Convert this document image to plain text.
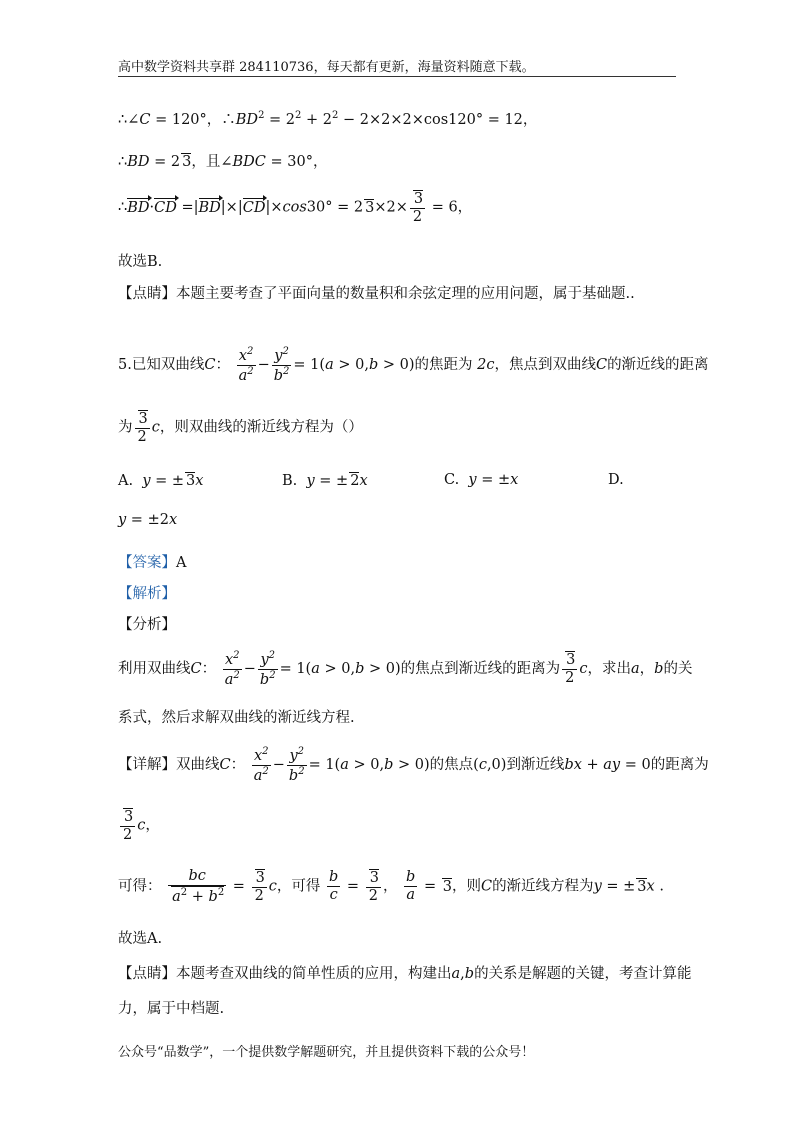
高中数学资料共享群 284110736，每天都有更新，海量资料随意下载。
∴∠C = 120°，$\therefore BD^2 = 2^2 + 2^2 - 2\times 2\times 2\times\cos 120^\circ = 12$，
∴BD = 2 3，且∠BDC = 30°，
∴BD·CD =|BD|×|CD|×cos30° = 2 $3\times 2\times \frac{3}{2} = 6$，
故选B.
【点睛】本题主要考查了平面向量的数量积和余弦定理的应用问题，属于基础题..
5.已知双曲线C： $\frac{x^2}{a^2} - \frac{y^2}{b^2} = 1(a > 0,b > 0)$的焦距为 2c，焦点到双曲线C的渐近线的距离
为 $\frac{3}{2}$ c，则双曲线的渐近线方程为（）
A. y = ± 3x	B. y = ± 2x	C. y = ±x	D.
y = ±2x
【答案】A
【解析】
【分析】
利用双曲线C： $\frac{x^2}{a^2} - \frac{y^2}{b^2} = 1(a > 0,b > 0)$的焦点到渐近线的距离为 $\frac{3}{2}$ c，求出a，b的关
系式，然后求解双曲线的渐近线方程.
【详解】双曲线C： $\frac{x^2}{a^2} - \frac{y^2}{b^2} = 1(a > 0,b > 0)$的焦点(c,0)到渐近线bx + ay = 0的距离为
$\frac{3}{2}$ c，
可得： $\frac{bc}{a^2 + b^2} = \frac{3}{2}$ c，可得 $\frac{b}{c} = \frac{3}{2}$ ， $\frac{b}{a} = 3$，则C的渐近线方程为y = ± 3x .
故选A.
【点睛】本题考查双曲线的简单性质的应用，构建出a,b的关系是解题的关键，考查计算能
力，属于中档题.
公众号“品数学”，一个提供数学解题研究，并且提供资料下载的公众号！
